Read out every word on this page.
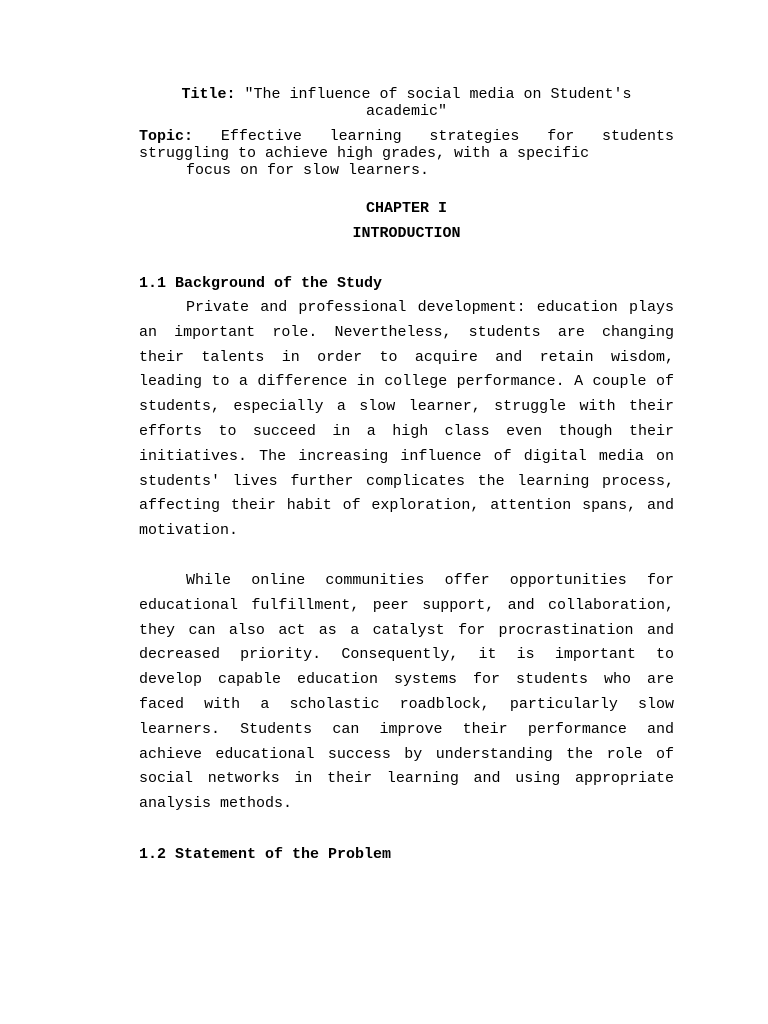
Title: "The influence of social media on Student's academic"
Topic: Effective learning strategies for students struggling to achieve high grades, with a specific
focus on for slow learners.
CHAPTER I
INTRODUCTION
1.1 Background of the Study

Private and professional development: education plays an important role. Nevertheless, students are changing their talents in order to acquire and retain wisdom, leading to a difference in college performance. A couple of students, especially a slow learner, struggle with their efforts to succeed in a high class even though their initiatives. The increasing influence of digital media on students' lives further complicates the learning process, affecting their habit of exploration, attention spans, and motivation.

While online communities offer opportunities for educational fulfillment, peer support, and collaboration, they can also act as a catalyst for procrastination and decreased priority. Consequently, it is important to develop capable education systems for students who are faced with a scholastic roadblock, particularly slow learners. Students can improve their performance and achieve educational success by understanding the role of social networks in their learning and using appropriate analysis methods.

1.2 Statement of the Problem
